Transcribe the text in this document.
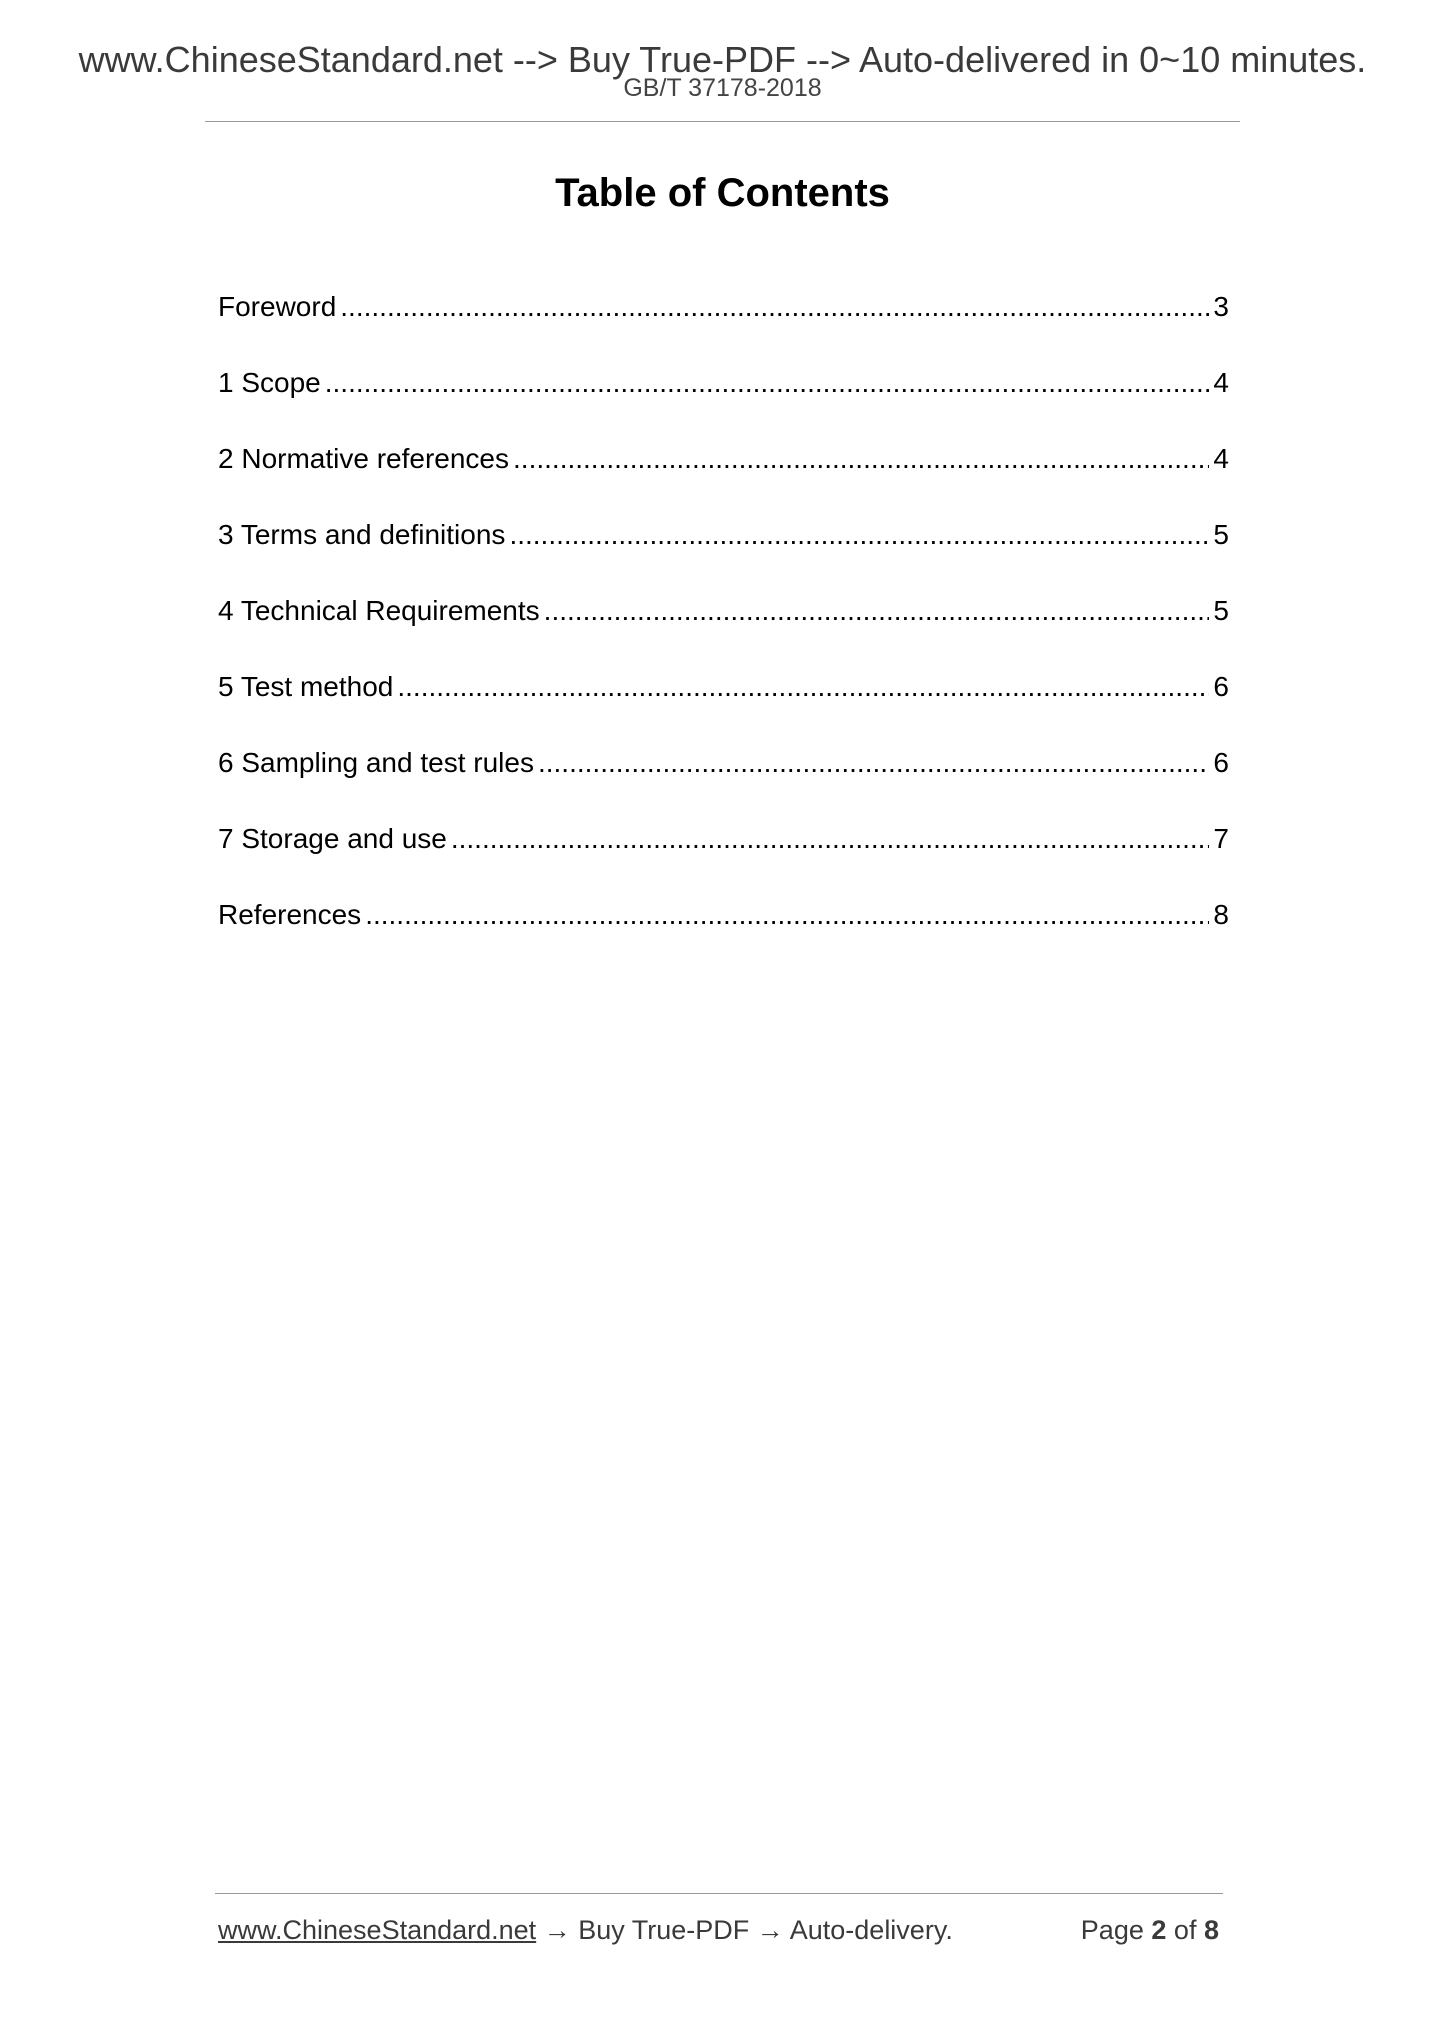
www.ChineseStandard.net --> Buy True-PDF --> Auto-delivered in 0~10 minutes.
GB/T 37178-2018
Table of Contents
Foreword .....	3
1 Scope .....	4
2 Normative references .....	4
3 Terms and definitions .....	5
4 Technical Requirements .....	5
5 Test method .....	6
6 Sampling and test rules .....	6
7 Storage and use .....	7
References .....	8
www.ChineseStandard.net → Buy True-PDF → Auto-delivery.	Page 2 of 8
